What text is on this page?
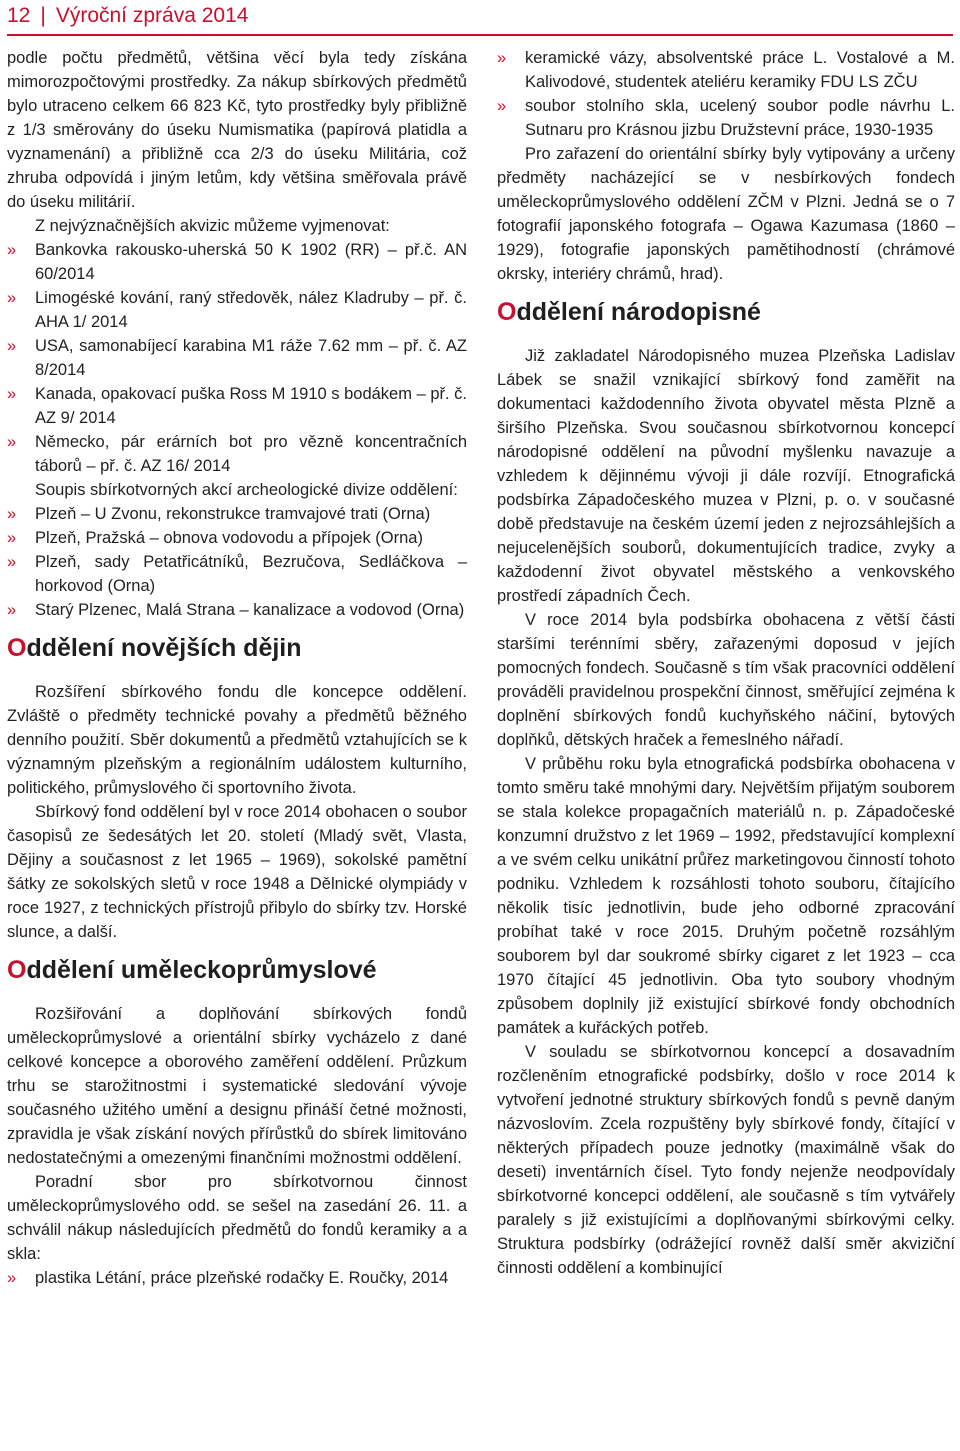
12 | Výroční zpráva 2014

podle počtu předmětů, většina věcí byla tedy získána mimorozpočtovými prostředky. Za nákup sbírkových předmětů bylo utraceno celkem 66 823 Kč, tyto prostředky byly přibližně z 1/3 směrovány do úseku Numismatika (papírová platidla a vyznamenání) a přibližně cca 2/3 do úseku Militária, což zhruba odpovídá i jiným letům, kdy většina směřovala právě do úseku militárií.

Z nejvýznačnějších akvizic můžeme vyjmenovat:

» Bankovka rakousko-uherská 50 K 1902 (RR) – př.č. AN 60/2014
» Limogéské kování, raný středověk, nález Kladruby – př. č. AHA 1/ 2014
» USA, samonabíjecí karabina M1 ráže 7.62 mm – př. č. AZ 8/2014
» Kanada, opakovací puška Ross M 1910 s bodákem – př. č. AZ 9/ 2014
» Německo, pár erárních bot pro vězně koncentračních táborů – př. č. AZ 16/ 2014

Soupis sbírkotvorných akcí archeologické divize oddělení:

» Plzeň – U Zvonu, rekonstrukce tramvajové trati (Orna)
» Plzeň, Pražská – obnova vodovodu a přípojek (Orna)
» Plzeň, sady Petatřicátníků, Bezručova, Sedláčkova – horkovod (Orna)
» Starý Plzenec, Malá Strana – kanalizace a vodovod (Orna)
Oddělení novějších dějin

Rozšíření sbírkového fondu dle koncepce oddělení. Zvláště o předměty technické povahy a předmětů běžného denního použití. Sběr dokumentů a předmětů vztahujících se k významným plzeňským a regionálním událostem kulturního, politického, průmyslového či sportovního života.

Sbírkový fond oddělení byl v roce 2014 obohacen o soubor časopisů ze šedesátých let 20. století (Mladý svět, Vlasta, Dějiny a současnost z let 1965 – 1969), sokolské pamětní šátky ze sokolských sletů v roce 1948 a Dělnické olympiády v roce 1927, z technických přístrojů přibylo do sbírky tzv. Horské slunce, a další.

Oddělení uměleckoprůmyslové

Rozšiřování a doplňování sbírkových fondů uměleckoprůmyslové a orientální sbírky vycházelo z dané celkové koncepce a oborového zaměření oddělení. Průzkum trhu se starožitnostmi i systematické sledování vývoje současného užitého umění a designu přináší četné možnosti, zpravidla je však získání nových přírůstků do sbírek limitováno nedostatečnými a omezenými finančními možnostmi oddělení.

Poradní sbor pro sbírkotvornou činnost uměleckoprůmyslového odd. se sešel na zasedání 26. 11. a schválil nákup následujících předmětů do fondů keramiky a a skla:

» plastika Létání, práce plzeňské rodačky E. Roučky, 2014
» keramické vázy, absolventské práce L. Vostalové a M. Kalivodové, studentek ateliéru keramiky FDU LS ZČU
» soubor stolního skla, ucelený soubor podle návrhu L. Sutnaru pro Krásnou jizbu Družstevní práce, 1930-1935

Pro zařazení do orientální sbírky byly vytipovány a určeny předměty nacházející se v nesbírkových fondech uměleckoprůmyslového oddělení ZČM v Plzni. Jedná se o 7 fotografií japonského fotografa – Ogawa Kazumasa (1860 – 1929), fotografie japonských pamětihodností (chrámové okrsky, interiéry chrámů, hrad).

Oddělení národopisné

Již zakladatel Národopisného muzea Plzeňska Ladislav Lábek se snažil vznikající sbírkový fond zaměřit na dokumentaci každodenního života obyvatel města Plzně a širšího Plzeňska. Svou současnou sbírkotvornou koncepcí národopisné oddělení na původní myšlenku navazuje a vzhledem k dějinnému vývoji ji dále rozvíjí. Etnografická podsbírka Západočeského muzea v Plzni, p. o. v současné době představuje na českém území jeden z nejrozsáhlejších a nejucelenějších souborů, dokumentujících tradice, zvyky a každodenní život obyvatel městského a venkovského prostředí západních Čech.

V roce 2014 byla podsbírka obohacena z větší části staršími terénními sběry, zařazenými doposud v jejích pomocných fondech. Současně s tím však pracovníci oddělení prováděli pravidelnou prospekční činnost, směřující zejména k doplnění sbírkových fondů kuchyňského náčiní, bytových doplňků, dětských hraček a řemeslného nářadí.

V průběhu roku byla etnografická podsbírka obohacena v tomto směru také mnohými dary. Největším přijatým souborem se stala kolekce propagačních materiálů n. p. Západočeské konzumní družstvo z let 1969 – 1992, představující komplexní a ve svém celku unikátní průřez marketingovou činností tohoto podniku. Vzhledem k rozsáhlosti tohoto souboru, čítajícího několik tisíc jednotlivin, bude jeho odborné zpracování probíhat také v roce 2015. Druhým početně rozsáhlým souborem byl dar soukromé sbírky cigaret z let 1923 – cca 1970 čítající 45 jednotlivin. Oba tyto soubory vhodným způsobem doplnily již existující sbírkové fondy obchodních památek a kuřáckých potřeb.

V souladu se sbírkotvornou koncepcí a dosavadním rozčleněním etnografické podsbírky, došlo v roce 2014 k vytvoření jednotné struktury sbírkových fondů s pevně daným názvoslovím. Zcela rozpuštěny byly sbírkové fondy, čítající v některých případech pouze jednotky (maximálně však do deseti) inventárních čísel. Tyto fondy nejenže neodpovídaly sbírkotvorné koncepci oddělení, ale současně s tím vytvářely paralely s již existujícími a doplňovanými sbírkovými celky. Struktura podsbírky (odrážející rovněž další směr akviziční činnosti oddělení a kombinující
